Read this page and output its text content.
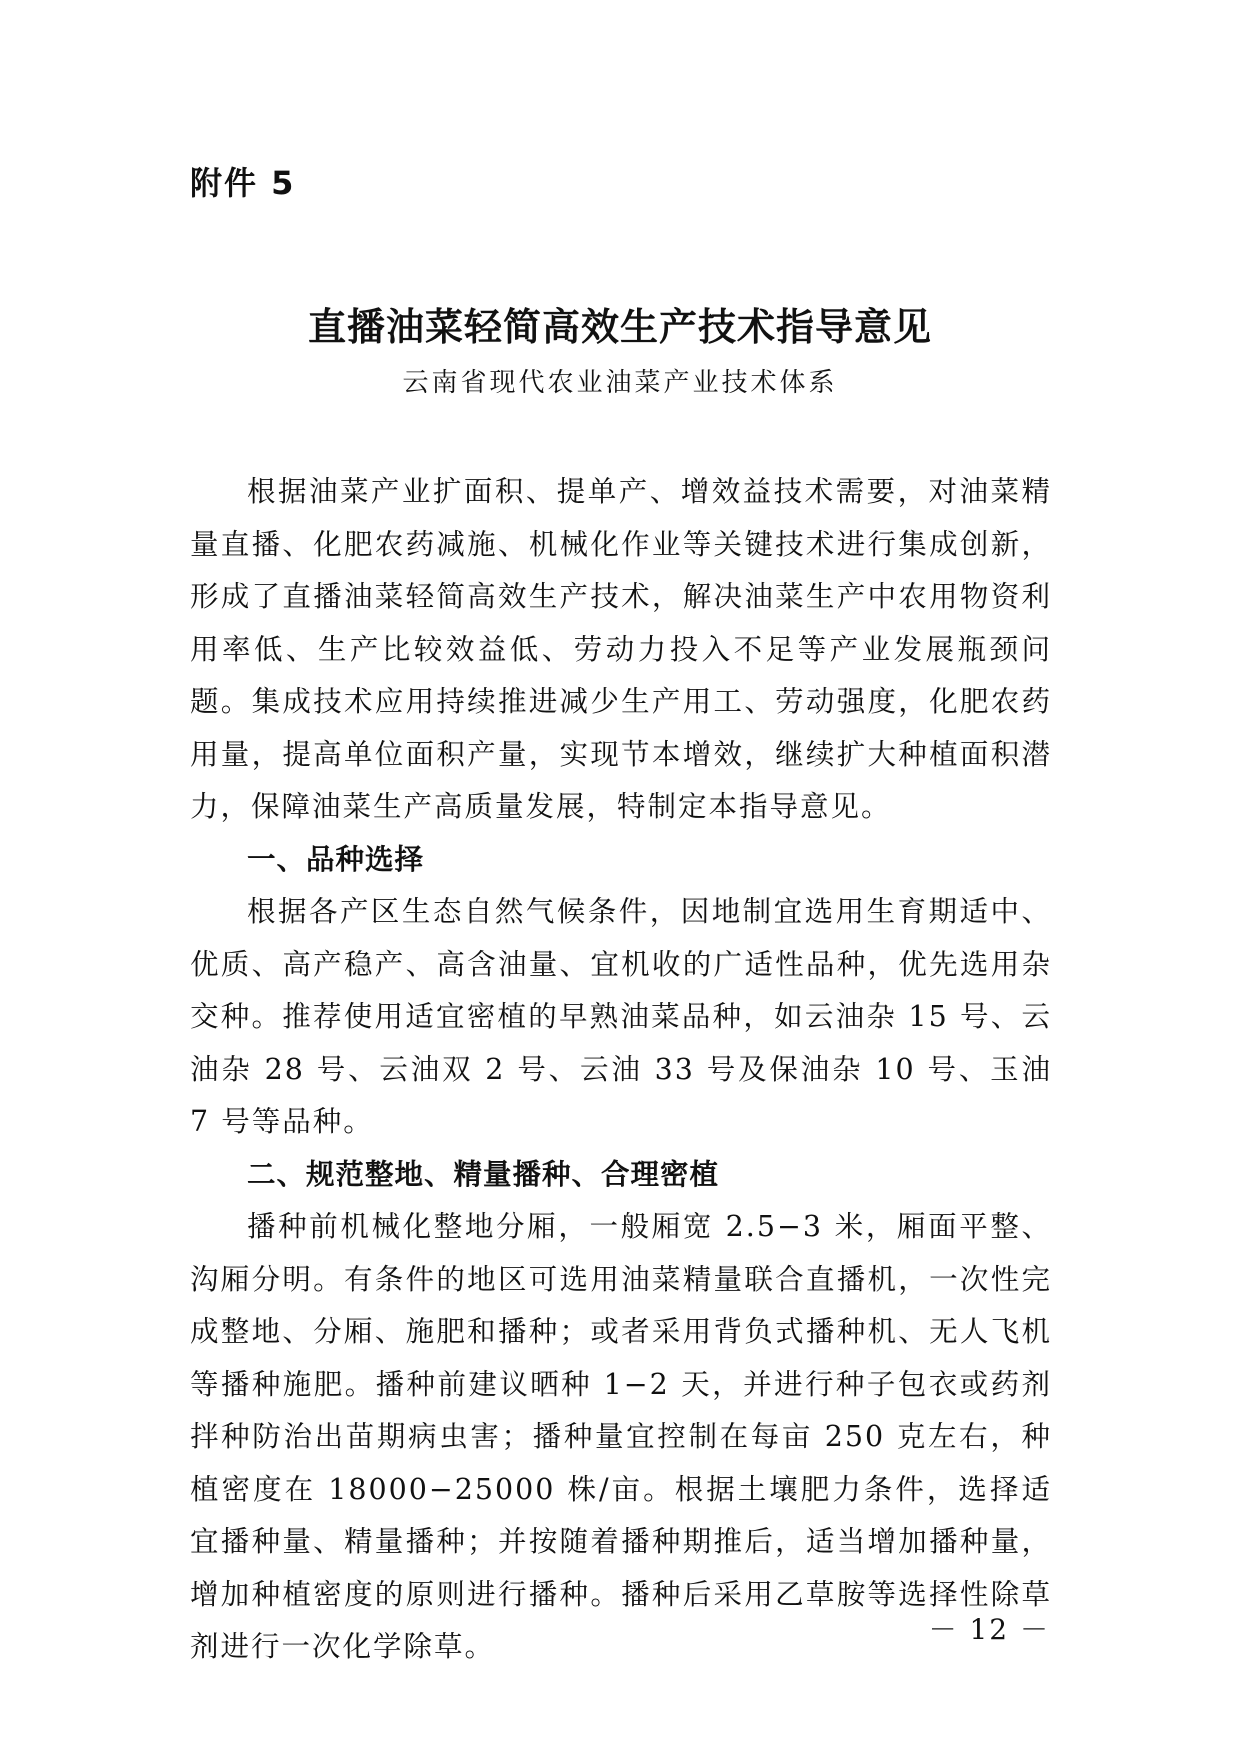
附件 5
直播油菜轻简高效生产技术指导意见
云南省现代农业油菜产业技术体系

根据油菜产业扩面积、提单产、增效益技术需要，对油菜精量直播、化肥农药减施、机械化作业等关键技术进行集成创新，形成了直播油菜轻简高效生产技术，解决油菜生产中农用物资利用率低、生产比较效益低、劳动力投入不足等产业发展瓶颈问题。集成技术应用持续推进减少生产用工、劳动强度，化肥农药用量，提高单位面积产量，实现节本增效，继续扩大种植面积潜力，保障油菜生产高质量发展，特制定本指导意见。

一、品种选择

根据各产区生态自然气候条件，因地制宜选用生育期适中、优质、高产稳产、高含油量、宜机收的广适性品种，优先选用杂交种。推荐使用适宜密植的早熟油菜品种，如云油杂 15 号、云油杂 28 号、云油双 2 号、云油 33 号及保油杂 10 号、玉油 7 号等品种。

二、规范整地、精量播种、合理密植

播种前机械化整地分厢，一般厢宽 2.5−3 米，厢面平整、沟厢分明。有条件的地区可选用油菜精量联合直播机，一次性完成整地、分厢、施肥和播种；或者采用背负式播种机、无人飞机等播种施肥。播种前建议晒种 1−2 天，并进行种子包衣或药剂拌种防治出苗期病虫害；播种量宜控制在每亩 250 克左右，种植密度在 18000−25000 株/亩。根据土壤肥力条件，选择适宜播种量、精量播种；并按随着播种期推后，适当增加播种量，增加种植密度的原则进行播种。播种后采用乙草胺等选择性除草剂进行一次化学除草。

－ 12 －
